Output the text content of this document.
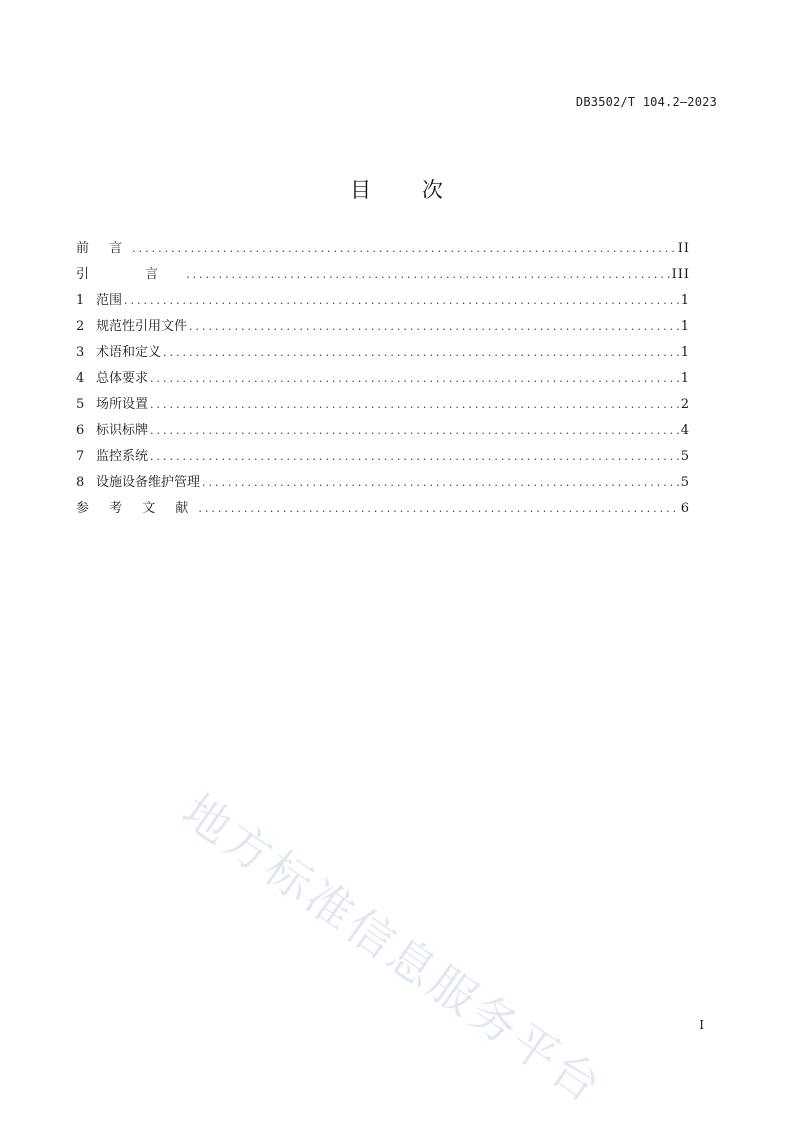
DB3502/T 104.2—2023
目 次
前 言 .....	II
引 言 .....	III
1 范围 .....	1
2 规范性引用文件 .....	1
3 术语和定义 .....	1
4 总体要求 .....	1
5 场所设置 .....	2
6 标识标牌 .....	4
7 监控系统 .....	5
8 设施设备维护管理 .....	5
参 考 文 献 .....	6
地方标准信息服务平台	I
